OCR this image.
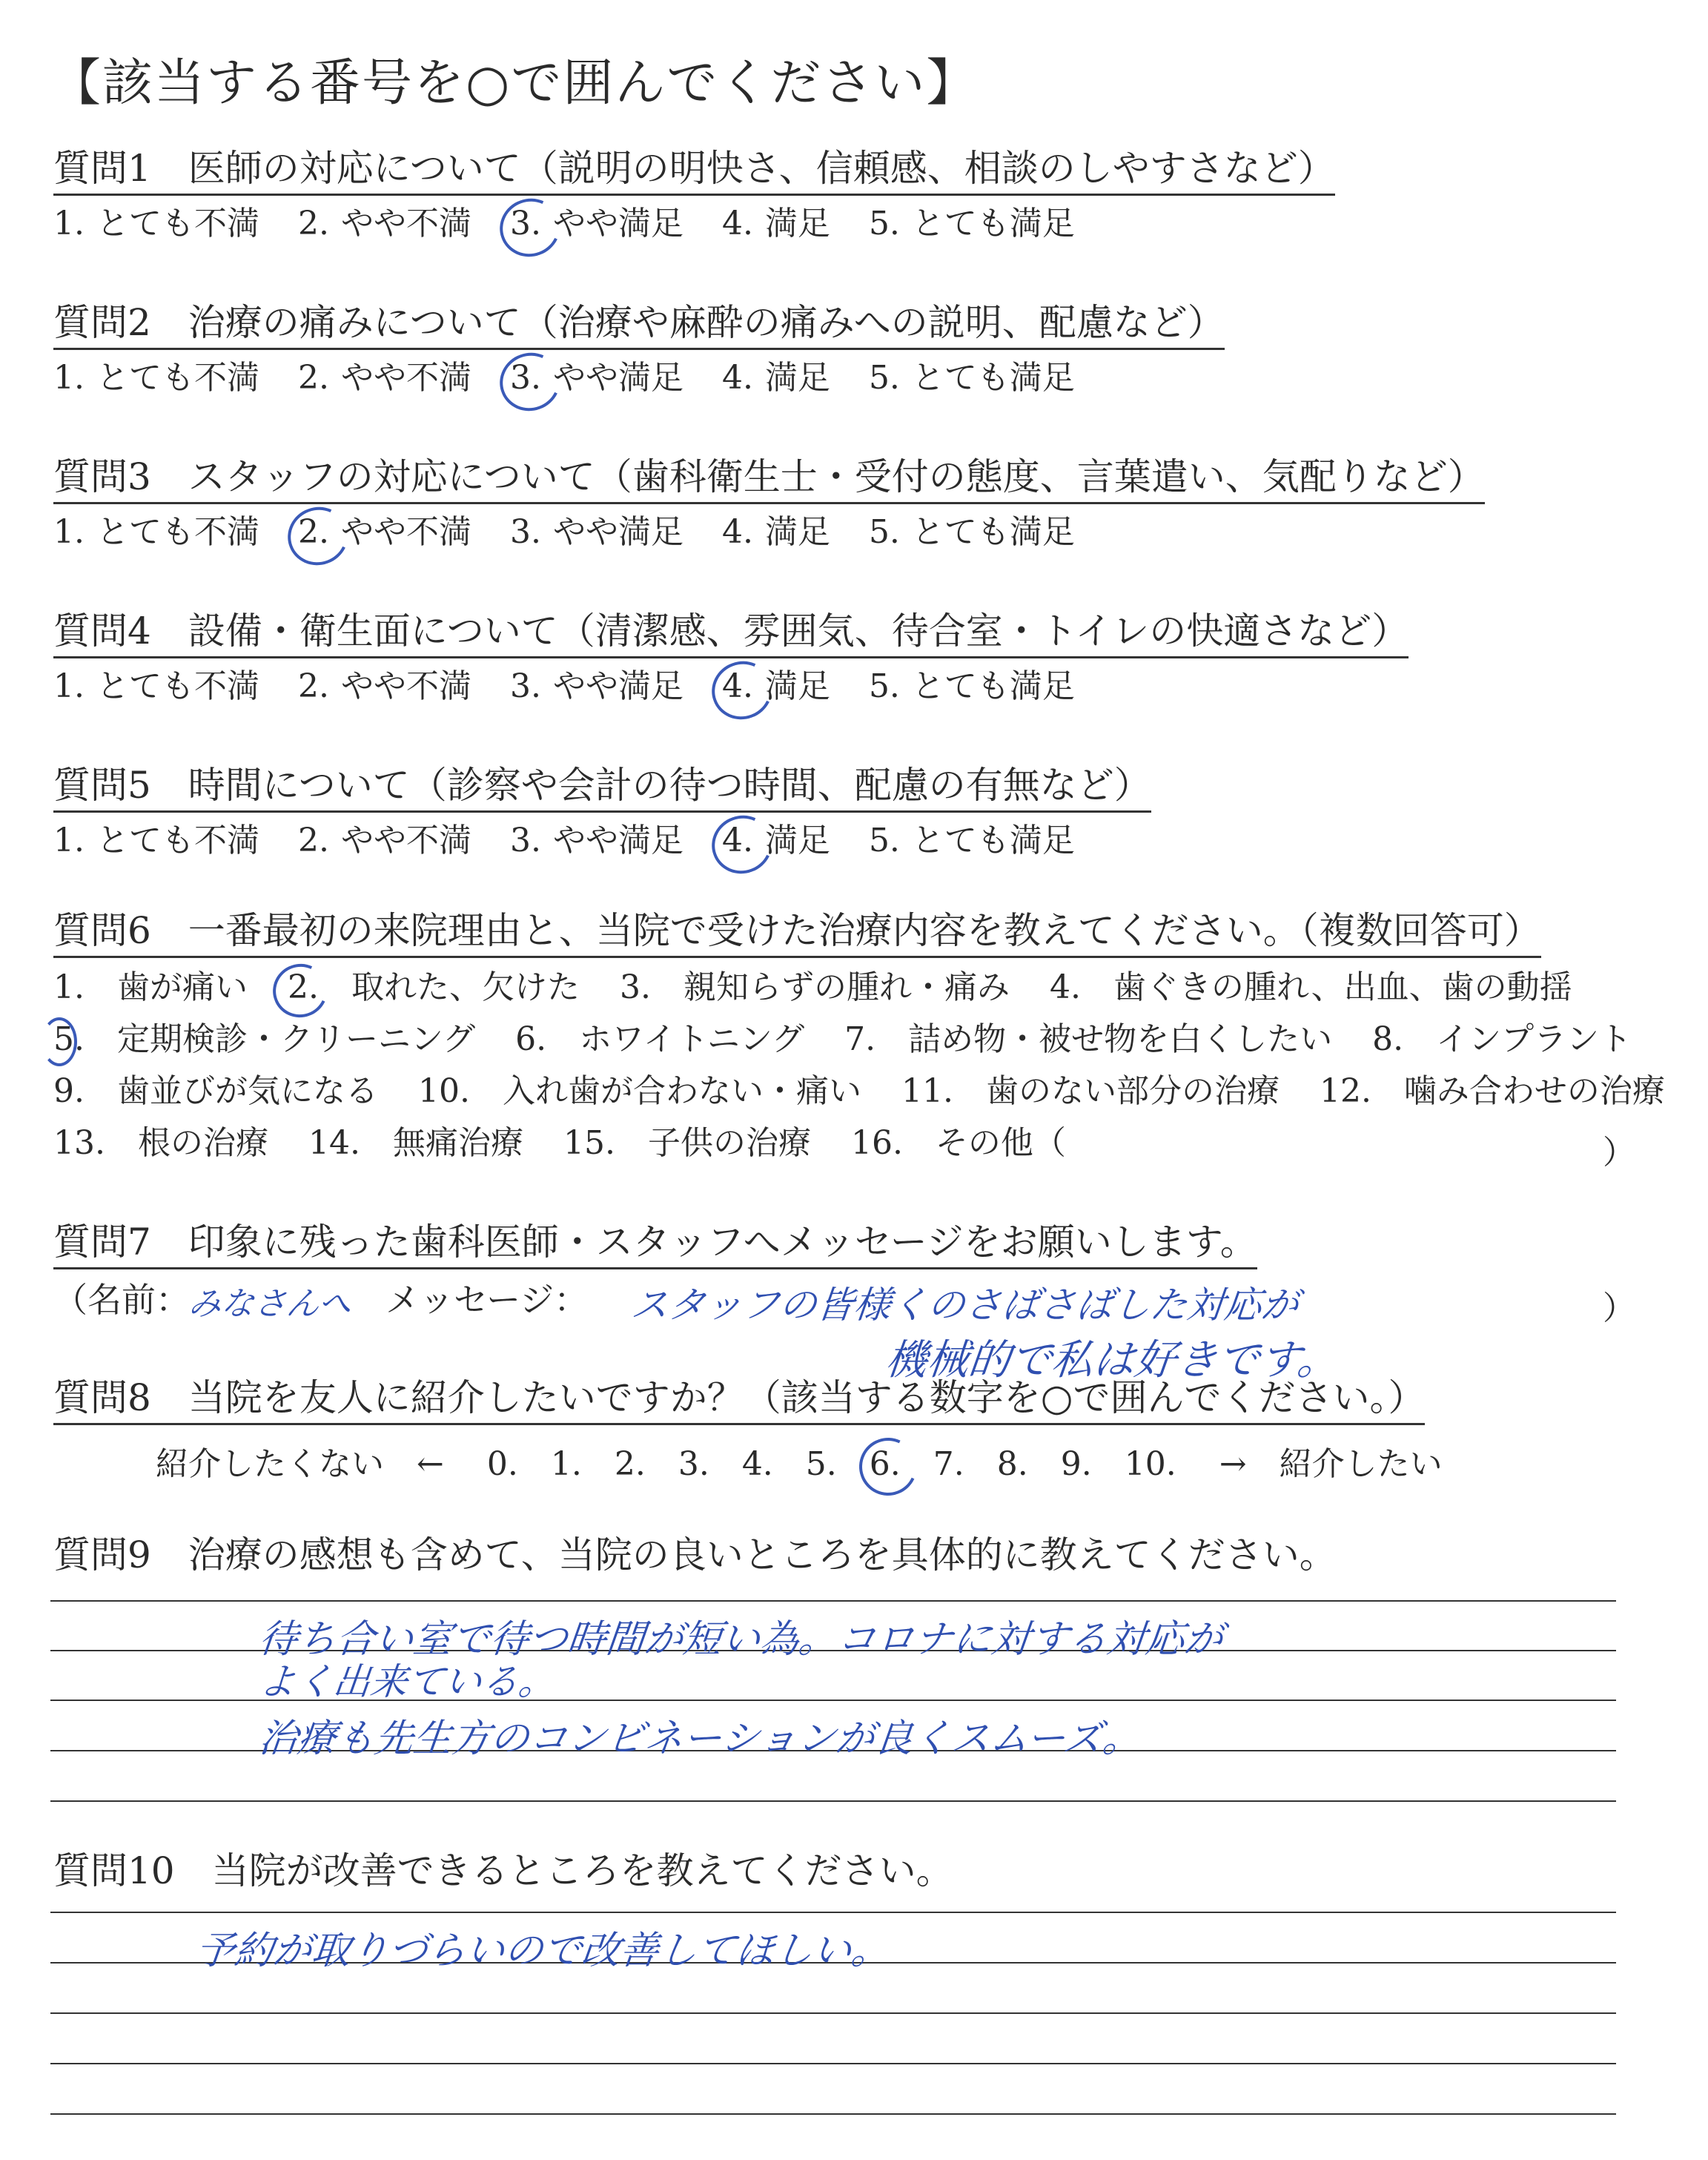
【該当する番号を○で囲んでください】
質問1　医師の対応について（説明の明快さ、信頼感、相談のしやすさなど）
1. とても不満 2. やや不満 3. やや満足 4. 満足 5. とても満足
質問2　治療の痛みについて（治療や麻酔の痛みへの説明、配慮など）
1. とても不満 2. やや不満 3. やや満足 4. 満足 5. とても満足
質問3　スタッフの対応について（歯科衛生士・受付の態度、言葉遣い、気配りなど）
1. とても不満 2. やや不満 3. やや満足 4. 満足 5. とても満足
質問4　設備・衛生面について（清潔感、雰囲気、待合室・トイレの快適さなど）
1. とても不満 2. やや不満 3. やや満足 4. 満足 5. とても満足
質問5　時間について（診察や会計の待つ時間、配慮の有無など）
1. とても不満 2. やや不満 3. やや満足 4. 満足 5. とても満足
質問6　一番最初の来院理由と、当院で受けた治療内容を教えてください。（複数回答可）
1.　歯が痛い 2.　取れた、欠けた 3.　親知らずの腫れ・痛み 4.　歯ぐきの腫れ、出血、歯の動揺
5.　定期検診・クリーニング 6.　ホワイトニング 7.　詰め物・被せ物を白くしたい 8.　インプラント
9.　歯並びが気になる 10.　入れ歯が合わない・痛い 11.　歯のない部分の治療 12.　噛み合わせの治療
13.　根の治療 14.　無痛治療 15.　子供の治療 16.　その他（	）
質問7　印象に残った歯科医師・スタッフへメッセージをお願いします。
（名前：
みなさんへ メッセージ： スタッフの皆様くのさばさばした対応が
機械的で私は好きです。
）
質問8　当院を友人に紹介したいですか？（該当する数字を○で囲んでください。）
紹介したくない　← 0. 1. 2. 3. 4. 5. 6. 7. 8. 9. 10. →　紹介したい
質問9　治療の感想も含めて、当院の良いところを具体的に教えてください。
待ち合い室で待つ時間が短い為。コロナに対する対応が
よく出来ている。
治療も先生方のコンビネーションが良くスムーズ。
質問10　当院が改善できるところを教えてください。
予約が取りづらいので改善してほしい。
